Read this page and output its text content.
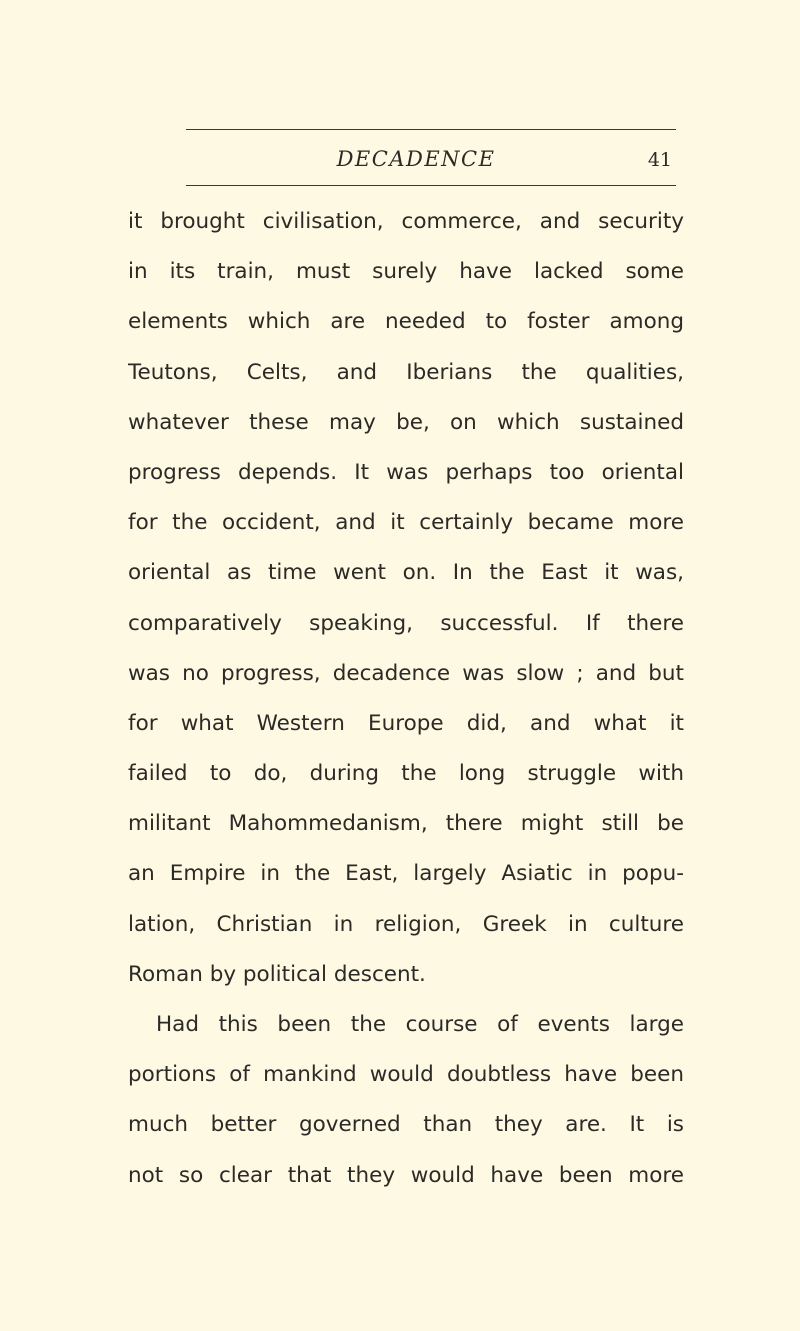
DECADENCE	41
it brought civilisation, commerce, and security
in its train, must surely have lacked some
elements which are needed to foster among
Teutons, Celts, and Iberians the qualities,
whatever these may be, on which sustained
progress depends. It was perhaps too oriental
for the occident, and it certainly became more
oriental as time went on. In the East it was,
comparatively speaking, successful. If there
was no progress, decadence was slow ; and but
for what Western Europe did, and what it
failed to do, during the long struggle with
militant Mahommedanism, there might still be
an Empire in the East, largely Asiatic in popu-
lation, Christian in religion, Greek in culture
Roman by political descent.
Had this been the course of events large
portions of mankind would doubtless have been
much better governed than they are. It is
not so clear that they would have been more
